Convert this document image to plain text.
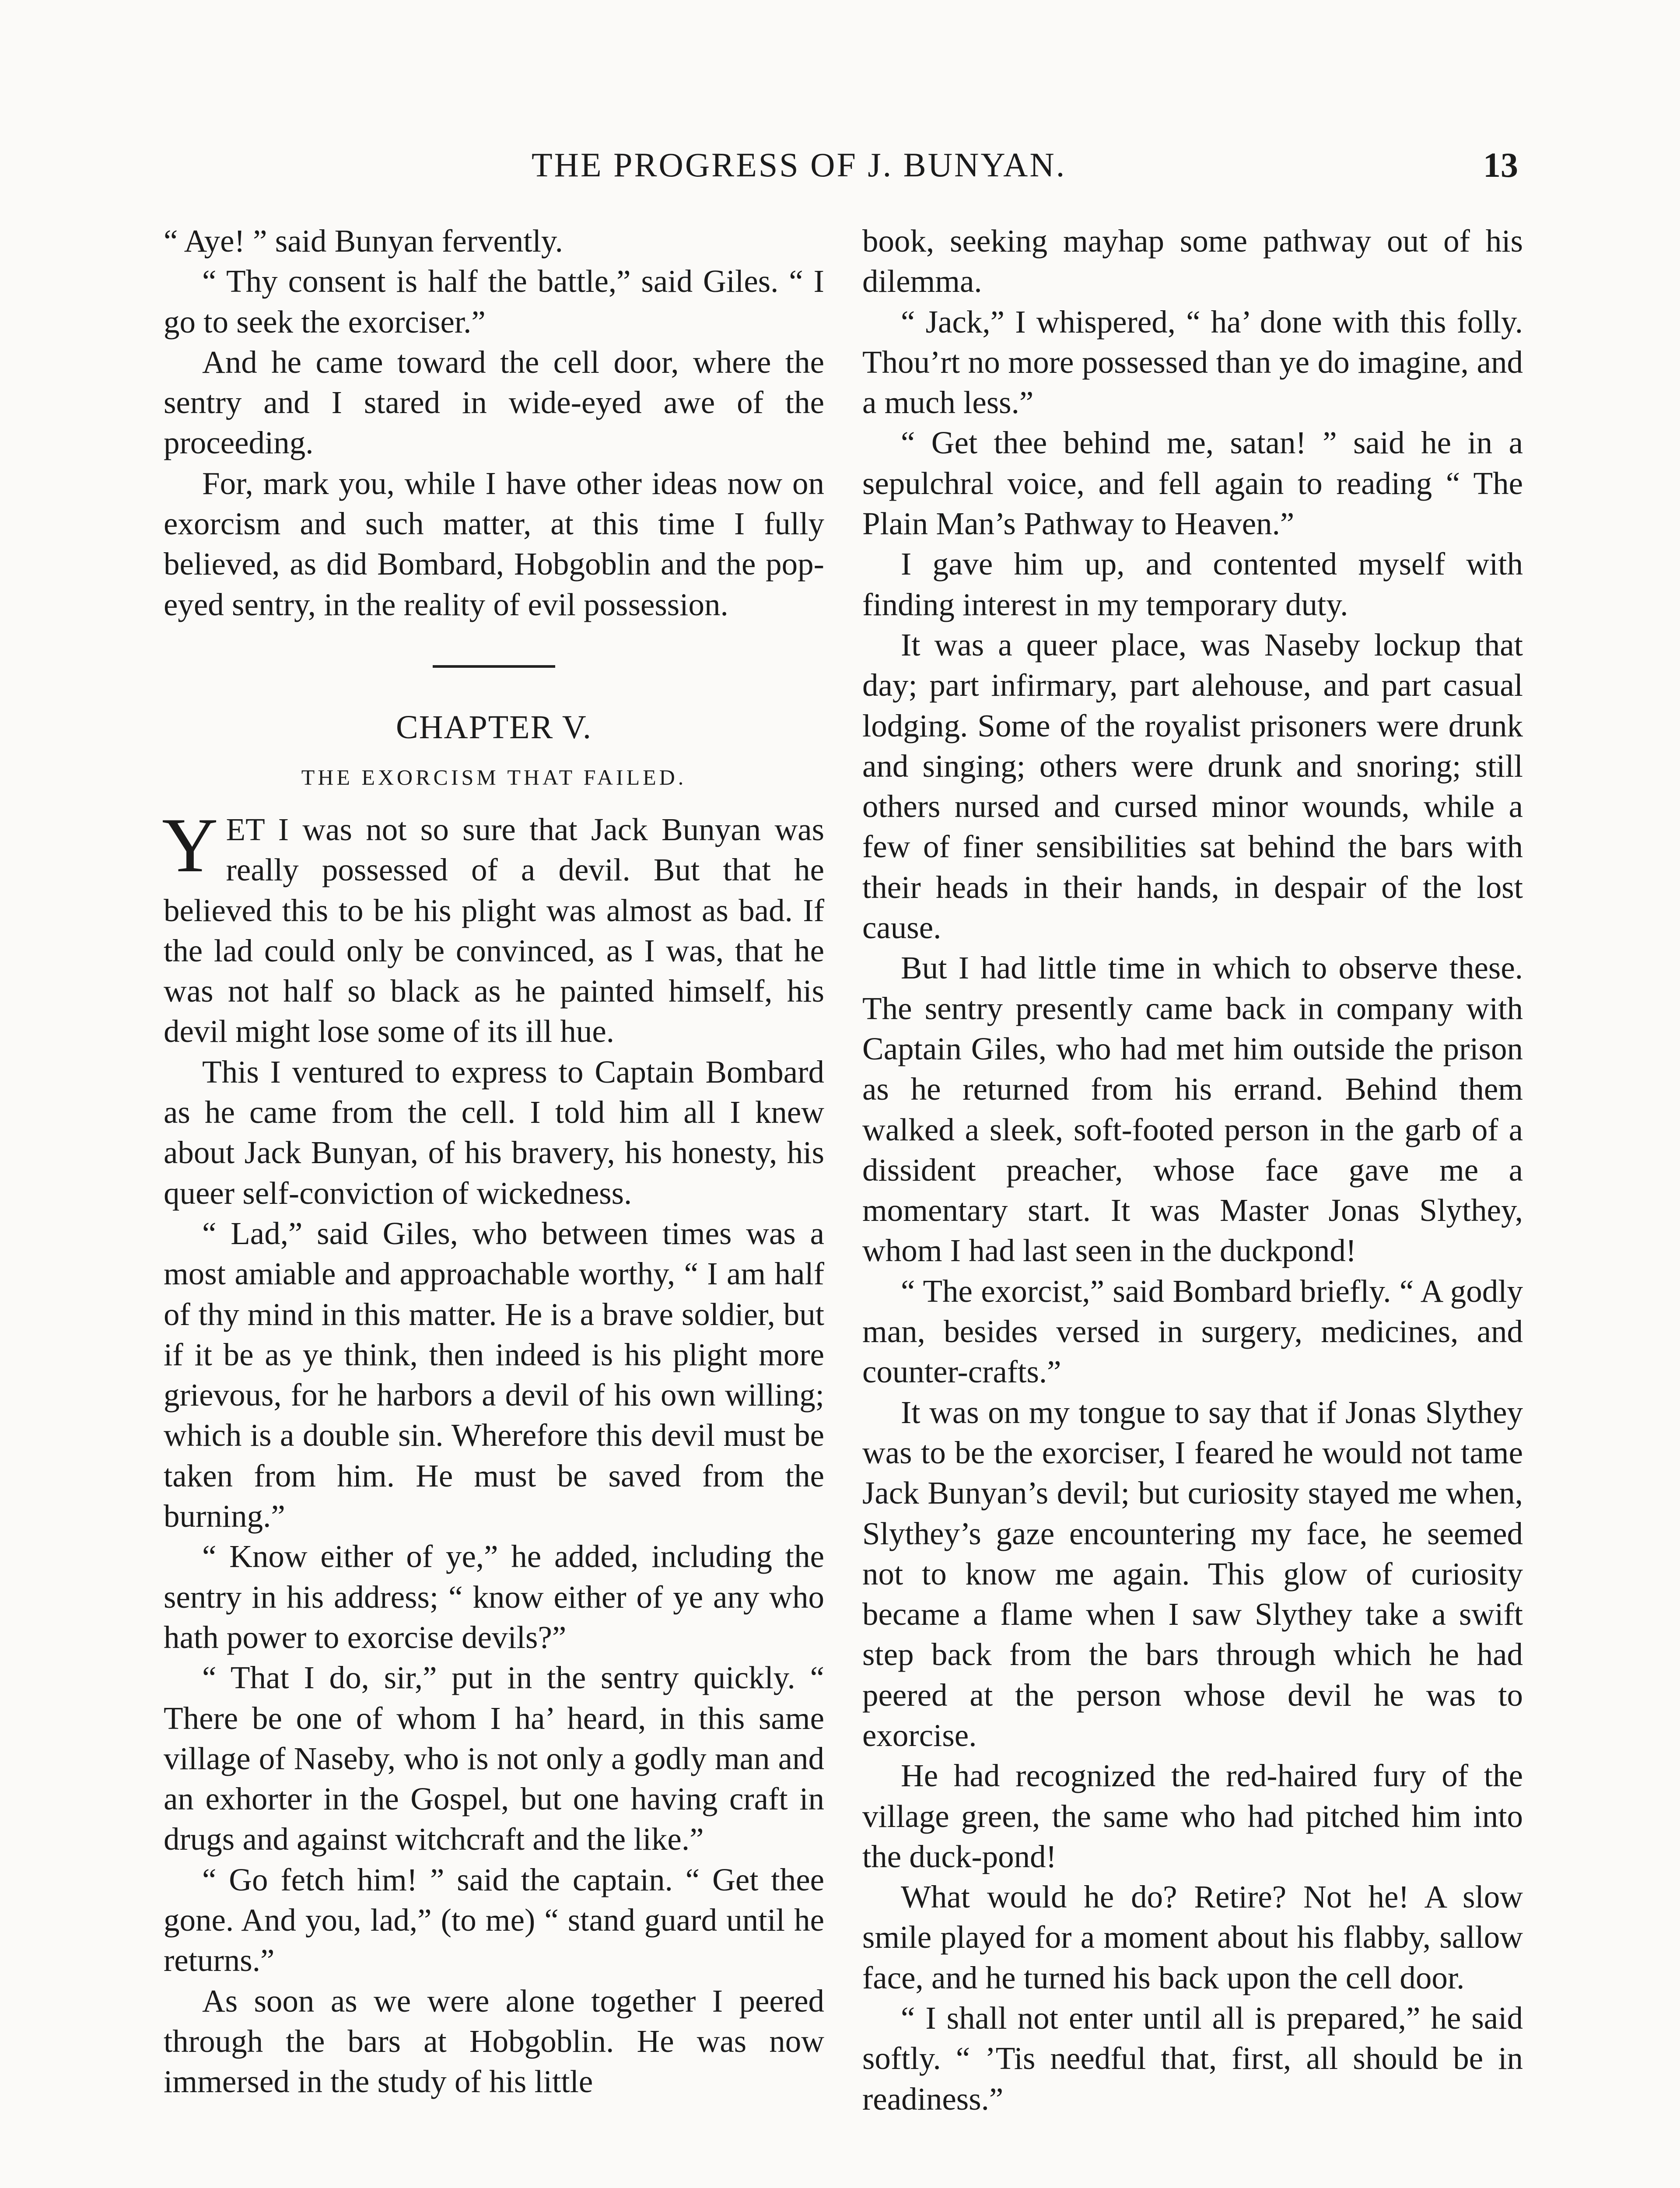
THE PROGRESS OF J. BUNYAN.	13

“ Aye! ” said Bunyan fervently.

“ Thy consent is half the battle,” said Giles. “ I go to seek the exorciser.”

And he came toward the cell door, where the sentry and I stared in wide-eyed awe of the proceeding.

For, mark you, while I have other ideas now on exorcism and such matter, at this time I fully believed, as did Bombard, Hobgoblin and the pop-eyed sentry, in the reality of evil possession.

CHAPTER V.
THE EXORCISM THAT FAILED.

YET I was not so sure that Jack Bunyan was really possessed of a devil. But that he believed this to be his plight was almost as bad. If the lad could only be convinced, as I was, that he was not half so black as he painted himself, his devil might lose some of its ill hue.

This I ventured to express to Captain Bombard as he came from the cell. I told him all I knew about Jack Bunyan, of his bravery, his honesty, his queer self-conviction of wickedness.

“ Lad,” said Giles, who between times was a most amiable and approachable worthy, “ I am half of thy mind in this matter. He is a brave soldier, but if it be as ye think, then indeed is his plight more grievous, for he harbors a devil of his own willing; which is a double sin. Wherefore this devil must be taken from him. He must be saved from the burning.”

“ Know either of ye,” he added, including the sentry in his address; “ know either of ye any who hath power to exorcise devils?”

“ That I do, sir,” put in the sentry quickly. “ There be one of whom I ha’ heard, in this same village of Naseby, who is not only a godly man and an exhorter in the Gospel, but one having craft in drugs and against witchcraft and the like.”

“ Go fetch him! ” said the captain. “ Get thee gone. And you, lad,” (to me) “ stand guard until he returns.”

As soon as we were alone together I peered through the bars at Hobgoblin. He was now immersed in the study of his little

book, seeking mayhap some pathway out of his dilemma.

“ Jack,” I whispered, “ ha’ done with this folly. Thou’rt no more possessed than ye do imagine, and a much less.”

“ Get thee behind me, satan! ” said he in a sepulchral voice, and fell again to reading “ The Plain Man’s Pathway to Heaven.”

I gave him up, and contented myself with finding interest in my temporary duty.

It was a queer place, was Naseby lockup that day; part infirmary, part alehouse, and part casual lodging. Some of the royalist prisoners were drunk and singing; others were drunk and snoring; still others nursed and cursed minor wounds, while a few of finer sensibilities sat behind the bars with their heads in their hands, in despair of the lost cause.

But I had little time in which to observe these. The sentry presently came back in company with Captain Giles, who had met him outside the prison as he returned from his errand. Behind them walked a sleek, soft-footed person in the garb of a dissident preacher, whose face gave me a momentary start. It was Master Jonas Slythey, whom I had last seen in the duckpond!

“ The exorcist,” said Bombard briefly. “ A godly man, besides versed in surgery, medicines, and counter-crafts.”

It was on my tongue to say that if Jonas Slythey was to be the exorciser, I feared he would not tame Jack Bunyan’s devil; but curiosity stayed me when, Slythey’s gaze encountering my face, he seemed not to know me again. This glow of curiosity became a flame when I saw Slythey take a swift step back from the bars through which he had peered at the person whose devil he was to exorcise.

He had recognized the red-haired fury of the village green, the same who had pitched him into the duck-pond!

What would he do? Retire? Not he! A slow smile played for a moment about his flabby, sallow face, and he turned his back upon the cell door.

“ I shall not enter until all is prepared,” he said softly. “ ’Tis needful that, first, all should be in readiness.”
